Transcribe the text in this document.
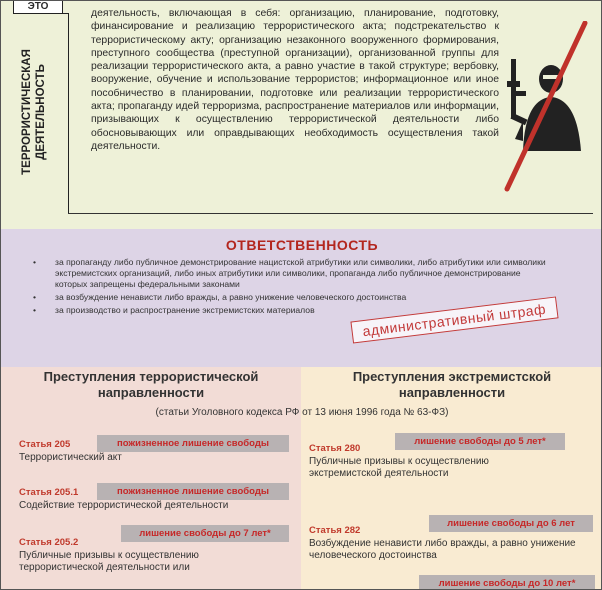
ЭТО
ТЕРРОРИСТИЧЕСКАЯ ДЕЯТЕЛЬНОСТЬ
деятельность, включающая в себя: организацию, планирование, подготовку, финансирование и реализацию террористического акта; подстрекательство к террористическому акту; организацию незаконного вооруженного формирования, преступного сообщества (преступной организации), организованной группы для реализации террористического акта, а равно участие в такой структуре; вербовку, вооружение, обучение и использование террористов; информационное или иное пособничество в планировании, подготовке или реализации террористического акта; пропаганду идей терроризма, распространение материалов или информации, призывающих к осуществлению террористической деятельности либо обосновывающих или оправдывающих необходимость осуществления такой деятельности.
ОТВЕТСТВЕННОСТЬ
• за пропаганду либо публичное демонстрирование нацистской атрибутики или символики, либо атрибутики или символики экстремистских организаций, либо иных атрибутики или символики, пропаганда либо публичное демонстрирование которых запрещены федеральными законами
• за возбуждение ненависти либо вражды, а равно унижение человеческого достоинства
• за производство и распространение экстремистских материалов	административный штраф
Преступления террористической направленности
Статья 205
Террористический акт
пожизненное лишение свободы
Статья 205.1
Содействие террористической деятельности
пожизненное лишение свободы
Статья 205.2
Публичные призывы к осуществлению террористической деятельности или
лишение свободы до 7 лет*
Преступления экстремистской направленности
Статья 280
Публичные призывы к осуществлению экстремистской деятельности
лишение свободы до 5 лет*
Статья 282
Возбуждение ненависти либо вражды, а равно унижение человеческого достоинства
лишение свободы до 6 лет
лишение свободы до 10 лет*
(статьи Уголовного кодекса РФ от 13 июня 1996 года № 63-ФЗ)
